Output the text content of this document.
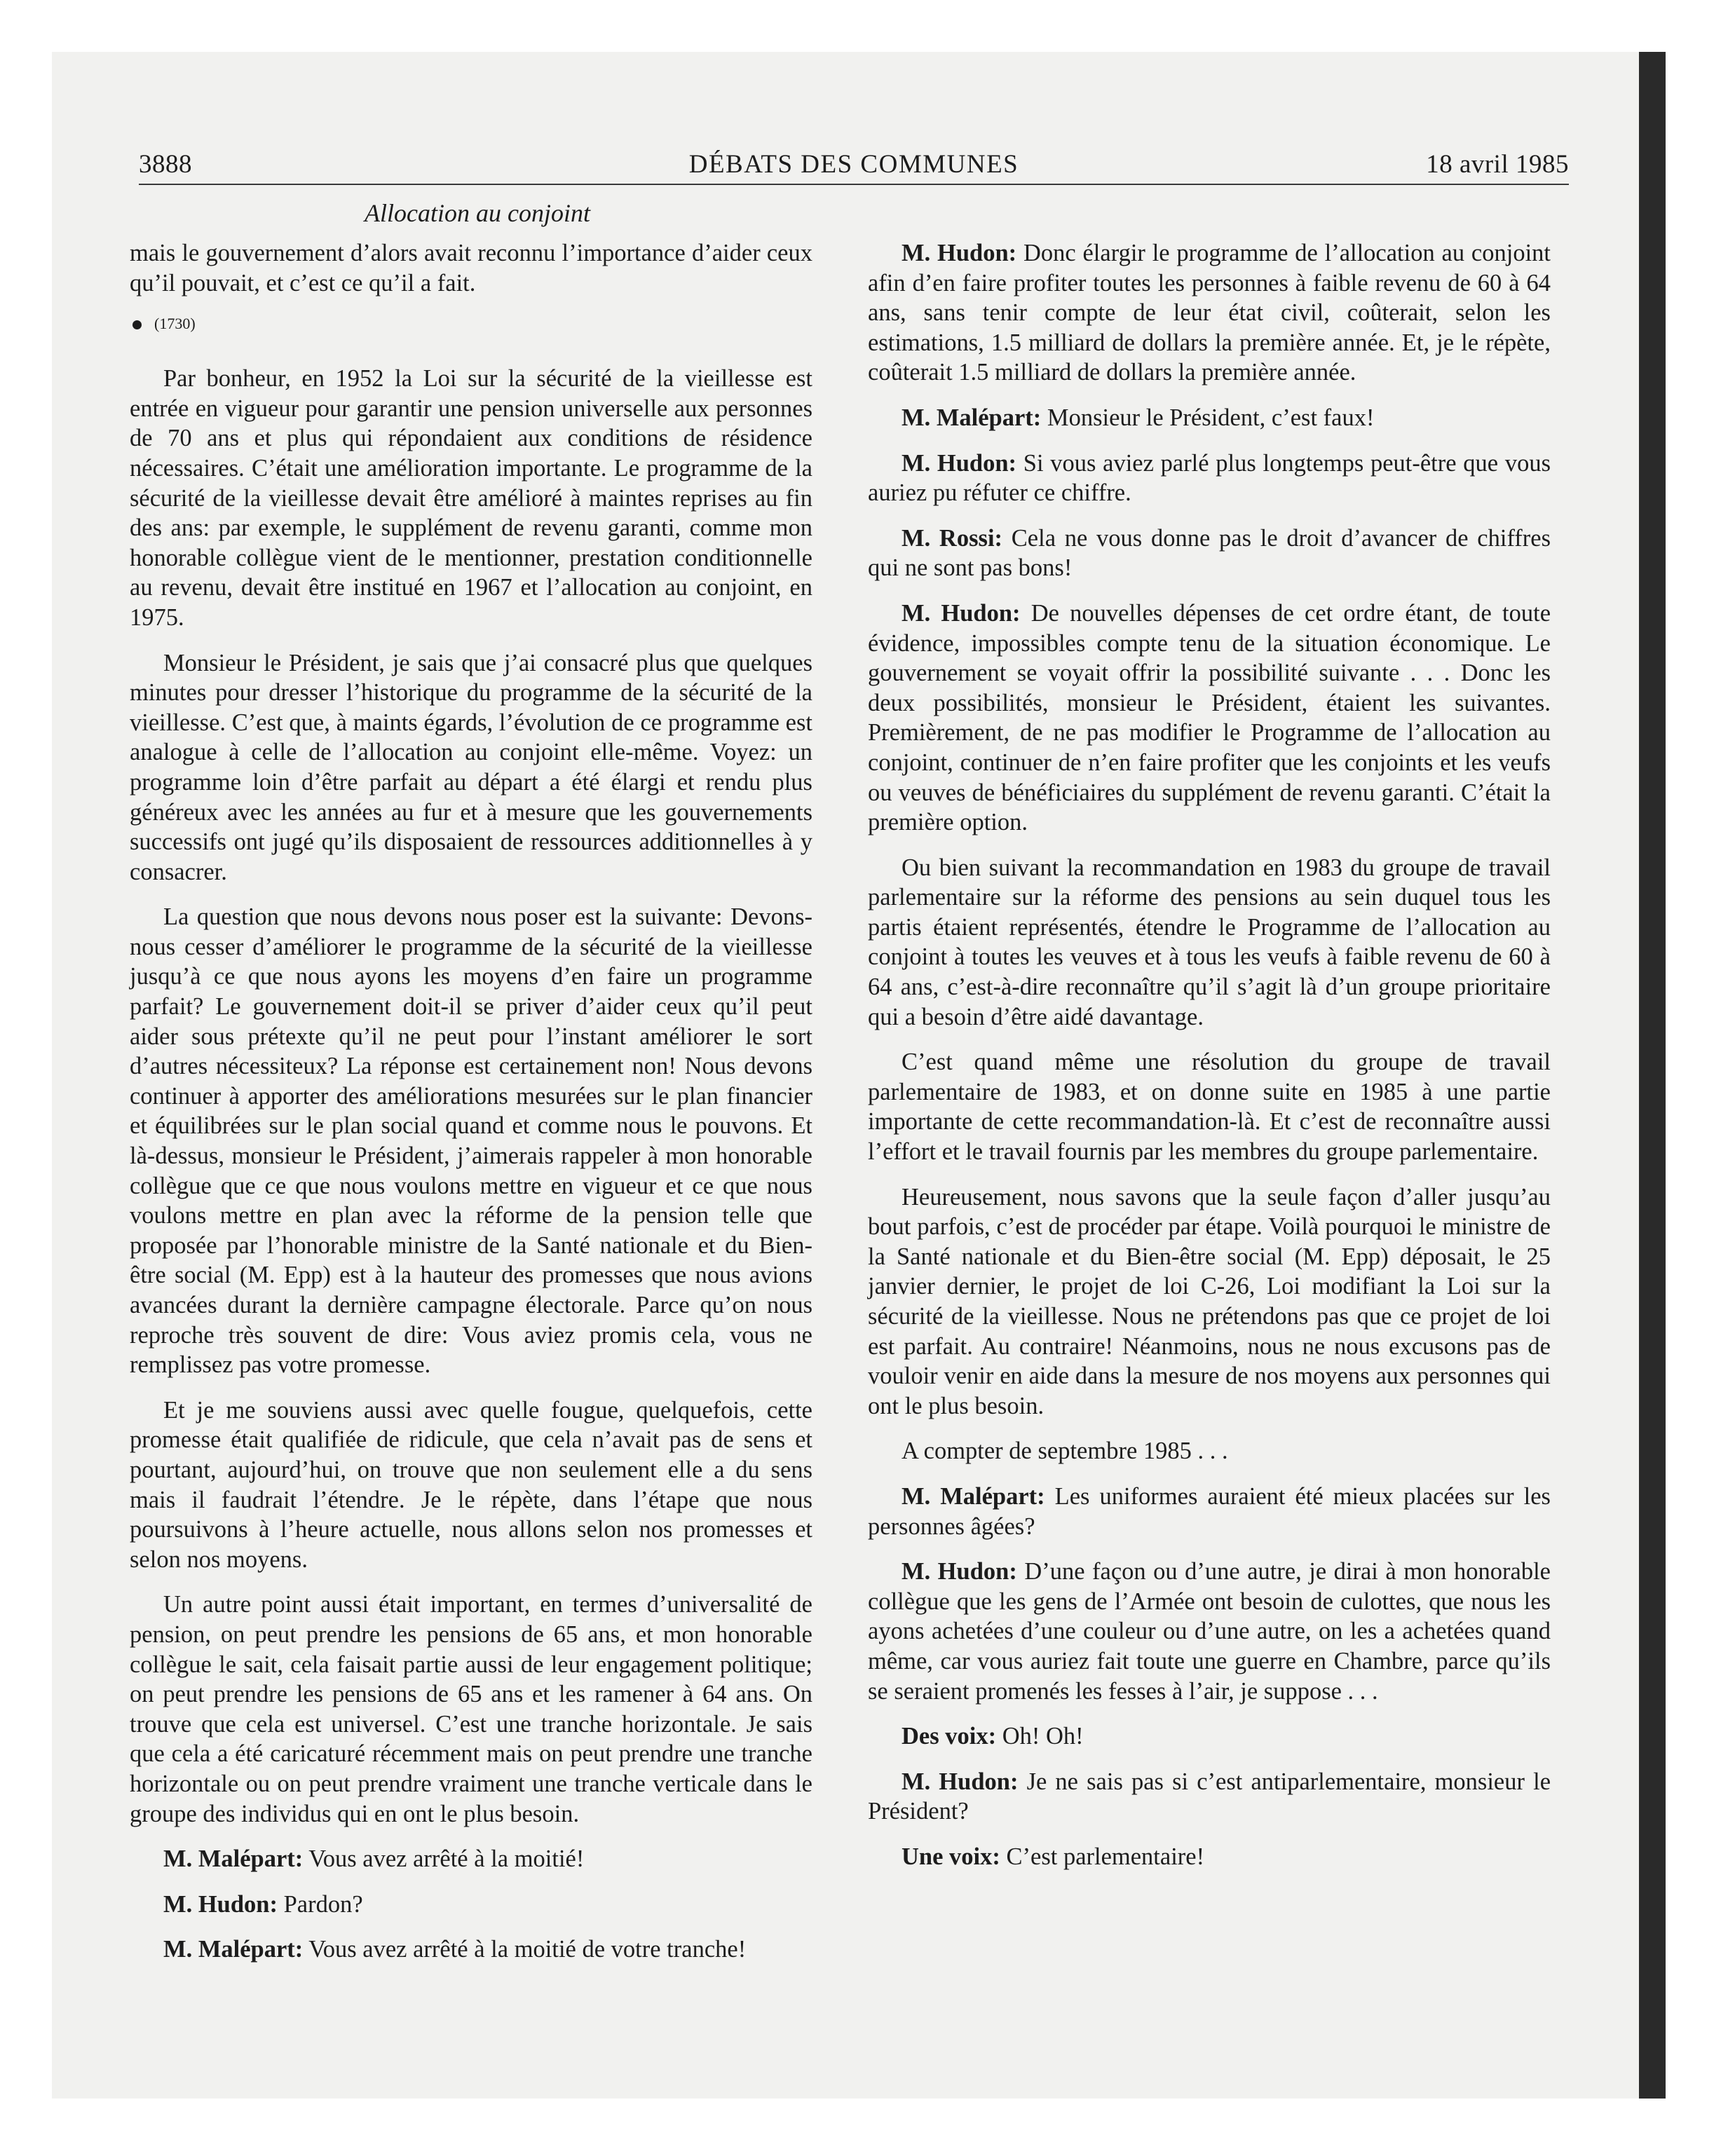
DÉBATS DES COMMUNES
3888	18 avril 1985
Allocation au conjoint

mais le gouvernement d’alors avait reconnu l’importance d’aider ceux qu’il pouvait, et c’est ce qu’il a fait.

(1730)

Par bonheur, en 1952 la Loi sur la sécurité de la vieillesse est entrée en vigueur pour garantir une pension universelle aux personnes de 70 ans et plus qui répondaient aux conditions de résidence nécessaires. C’était une amélioration importante. Le programme de la sécurité de la vieillesse devait être amélioré à maintes reprises au fin des ans: par exemple, le supplément de revenu garanti, comme mon honorable collègue vient de le mentionner, prestation conditionnelle au revenu, devait être institué en 1967 et l’allocation au conjoint, en 1975.

Monsieur le Président, je sais que j’ai consacré plus que quelques minutes pour dresser l’historique du programme de la sécurité de la vieillesse. C’est que, à maints égards, l’évolution de ce programme est analogue à celle de l’allocation au conjoint elle-même. Voyez: un programme loin d’être parfait au départ a été élargi et rendu plus généreux avec les années au fur et à mesure que les gouvernements successifs ont jugé qu’ils disposaient de ressources additionnelles à y consacrer.

La question que nous devons nous poser est la suivante: Devons-nous cesser d’améliorer le programme de la sécurité de la vieillesse jusqu’à ce que nous ayons les moyens d’en faire un programme parfait? Le gouvernement doit-il se priver d’aider ceux qu’il peut aider sous prétexte qu’il ne peut pour l’instant améliorer le sort d’autres nécessiteux? La réponse est certainement non! Nous devons continuer à apporter des améliorations mesurées sur le plan financier et équilibrées sur le plan social quand et comme nous le pouvons. Et là-dessus, monsieur le Président, j’aimerais rappeler à mon honorable collègue que ce que nous voulons mettre en vigueur et ce que nous voulons mettre en plan avec la réforme de la pension telle que proposée par l’honorable ministre de la Santé nationale et du Bien-être social (M. Epp) est à la hauteur des promesses que nous avions avancées durant la dernière campagne électorale. Parce qu’on nous reproche très souvent de dire: Vous aviez promis cela, vous ne remplissez pas votre promesse.

Et je me souviens aussi avec quelle fougue, quelquefois, cette promesse était qualifiée de ridicule, que cela n’avait pas de sens et pourtant, aujourd’hui, on trouve que non seulement elle a du sens mais il faudrait l’étendre. Je le répète, dans l’étape que nous poursuivons à l’heure actuelle, nous allons selon nos promesses et selon nos moyens.

Un autre point aussi était important, en termes d’universalité de pension, on peut prendre les pensions de 65 ans, et mon honorable collègue le sait, cela faisait partie aussi de leur engagement politique; on peut prendre les pensions de 65 ans et les ramener à 64 ans. On trouve que cela est universel. C’est une tranche horizontale. Je sais que cela a été caricaturé récemment mais on peut prendre une tranche horizontale ou on peut prendre vraiment une tranche verticale dans le groupe des individus qui en ont le plus besoin.

M. Malépart: Vous avez arrêté à la moitié!

M. Hudon: Pardon?

M. Malépart: Vous avez arrêté à la moitié de votre tranche!

M. Hudon: Donc élargir le programme de l’allocation au conjoint afin d’en faire profiter toutes les personnes à faible revenu de 60 à 64 ans, sans tenir compte de leur état civil, coûterait, selon les estimations, 1.5 milliard de dollars la première année. Et, je le répète, coûterait 1.5 milliard de dollars la première année.

M. Malépart: Monsieur le Président, c’est faux!

M. Hudon: Si vous aviez parlé plus longtemps peut-être que vous auriez pu réfuter ce chiffre.

M. Rossi: Cela ne vous donne pas le droit d’avancer de chiffres qui ne sont pas bons!

M. Hudon: De nouvelles dépenses de cet ordre étant, de toute évidence, impossibles compte tenu de la situation économique. Le gouvernement se voyait offrir la possibilité suivante . . . Donc les deux possibilités, monsieur le Président, étaient les suivantes. Premièrement, de ne pas modifier le Programme de l’allocation au conjoint, continuer de n’en faire profiter que les conjoints et les veufs ou veuves de bénéficiaires du supplément de revenu garanti. C’était la première option.

Ou bien suivant la recommandation en 1983 du groupe de travail parlementaire sur la réforme des pensions au sein duquel tous les partis étaient représentés, étendre le Programme de l’allocation au conjoint à toutes les veuves et à tous les veufs à faible revenu de 60 à 64 ans, c’est-à-dire reconnaître qu’il s’agit là d’un groupe prioritaire qui a besoin d’être aidé davantage.

C’est quand même une résolution du groupe de travail parlementaire de 1983, et on donne suite en 1985 à une partie importante de cette recommandation-là. Et c’est de reconnaître aussi l’effort et le travail fournis par les membres du groupe parlementaire.

Heureusement, nous savons que la seule façon d’aller jusqu’au bout parfois, c’est de procéder par étape. Voilà pourquoi le ministre de la Santé nationale et du Bien-être social (M. Epp) déposait, le 25 janvier dernier, le projet de loi C-26, Loi modifiant la Loi sur la sécurité de la vieillesse. Nous ne prétendons pas que ce projet de loi est parfait. Au contraire! Néanmoins, nous ne nous excusons pas de vouloir venir en aide dans la mesure de nos moyens aux personnes qui ont le plus besoin.

A compter de septembre 1985 . . .

M. Malépart: Les uniformes auraient été mieux placées sur les personnes âgées?

M. Hudon: D’une façon ou d’une autre, je dirai à mon honorable collègue que les gens de l’Armée ont besoin de culottes, que nous les ayons achetées d’une couleur ou d’une autre, on les a achetées quand même, car vous auriez fait toute une guerre en Chambre, parce qu’ils se seraient promenés les fesses à l’air, je suppose . . .

Des voix: Oh! Oh!

M. Hudon: Je ne sais pas si c’est antiparlementaire, monsieur le Président?

Une voix: C’est parlementaire!
